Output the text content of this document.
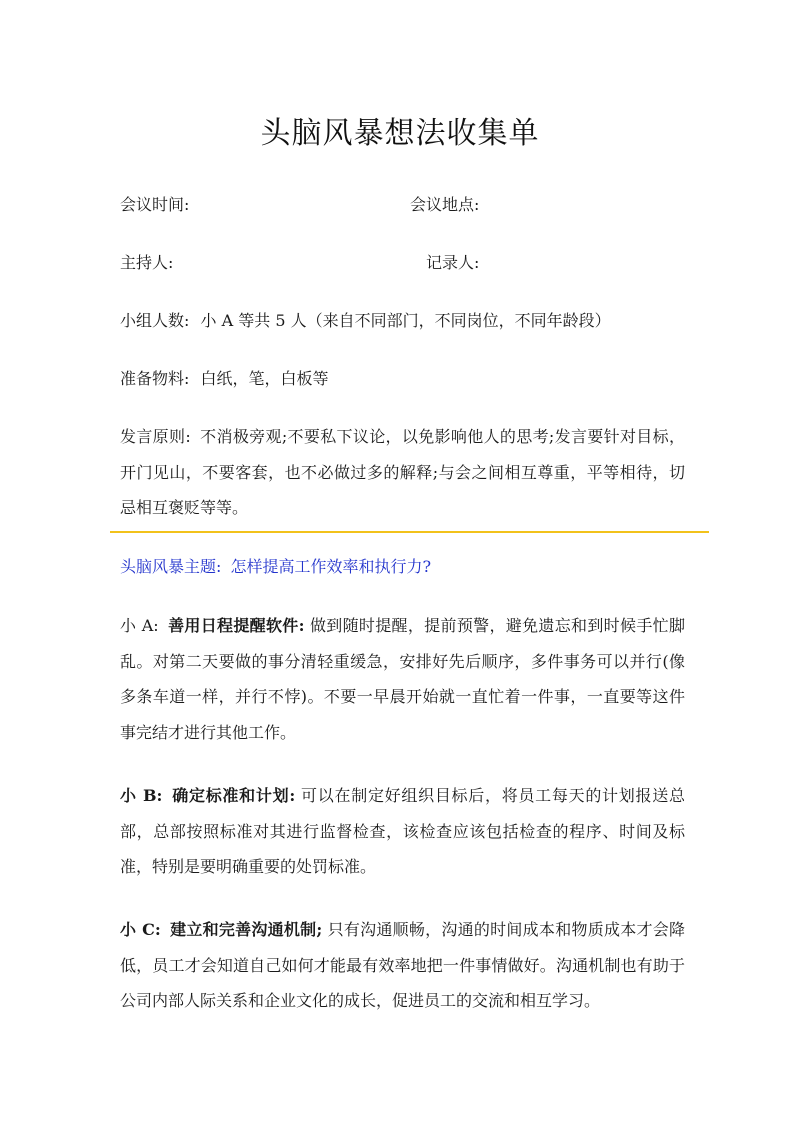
头脑风暴想法收集单
会议时间:	会议地点:
主持人:	记录人:
小组人数: 小 A 等共 5 人（来自不同部门，不同岗位，不同年龄段）
准备物料: 白纸，笔，白板等
发言原则: 不消极旁观;不要私下议论，以免影响他人的思考;发言要针对目标，开门见山，不要客套，也不必做过多的解释;与会之间相互尊重，平等相待，切忌相互褒贬等等。
头脑风暴主题: 怎样提高工作效率和执行力?
小 A: 善用日程提醒软件: 做到随时提醒，提前预警，避免遗忘和到时候手忙脚乱。对第二天要做的事分清轻重缓急，安排好先后顺序，多件事务可以并行(像多条车道一样，并行不悖)。不要一早晨开始就一直忙着一件事，一直要等这件事完结才进行其他工作。
小 B: 确定标准和计划: 可以在制定好组织目标后，将员工每天的计划报送总部，总部按照标准对其进行监督检查，该检查应该包括检查的程序、时间及标准，特别是要明确重要的处罚标准。
小 C: 建立和完善沟通机制; 只有沟通顺畅，沟通的时间成本和物质成本才会降低，员工才会知道自己如何才能最有效率地把一件事情做好。沟通机制也有助于公司内部人际关系和企业文化的成长，促进员工的交流和相互学习。
